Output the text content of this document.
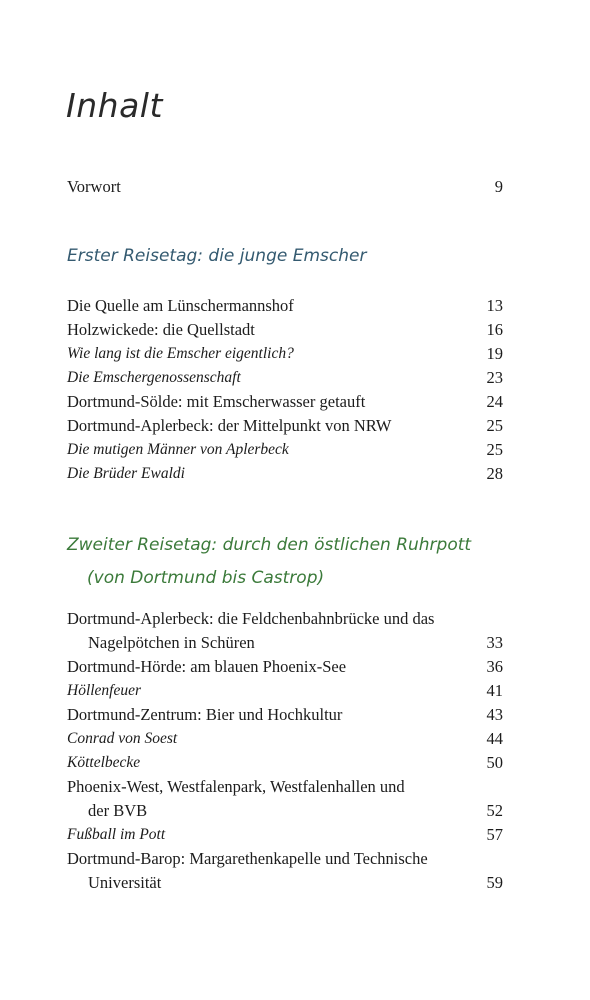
Inhalt
Vorwort	9
Erster Reisetag: die junge Emscher
Die Quelle am Lünschermannshof	13
Holzwickede: die Quellstadt	16
Wie lang ist die Emscher eigentlich?	19
Die Emschergenossenschaft	23
Dortmund-Sölde: mit Emscherwasser getauft	24
Dortmund-Aplerbeck: der Mittelpunkt von NRW	25
Die mutigen Männer von Aplerbeck	25
Die Brüder Ewaldi	28
Zweiter Reisetag: durch den östlichen Ruhrpott
(von Dortmund bis Castrop)
Dortmund-Aplerbeck: die Feldchenbahnbrücke und das
Nagelpötchen in Schüren	33
Dortmund-Hörde: am blauen Phoenix-See	36
Höllenfeuer	41
Dortmund-Zentrum: Bier und Hochkultur	43
Conrad von Soest	44
Köttelbecke	50
Phoenix-West, Westfalenpark, Westfalenhallen und
der BVB	52
Fußball im Pott	57
Dortmund-Barop: Margarethenkapelle und Technische
Universität	59
